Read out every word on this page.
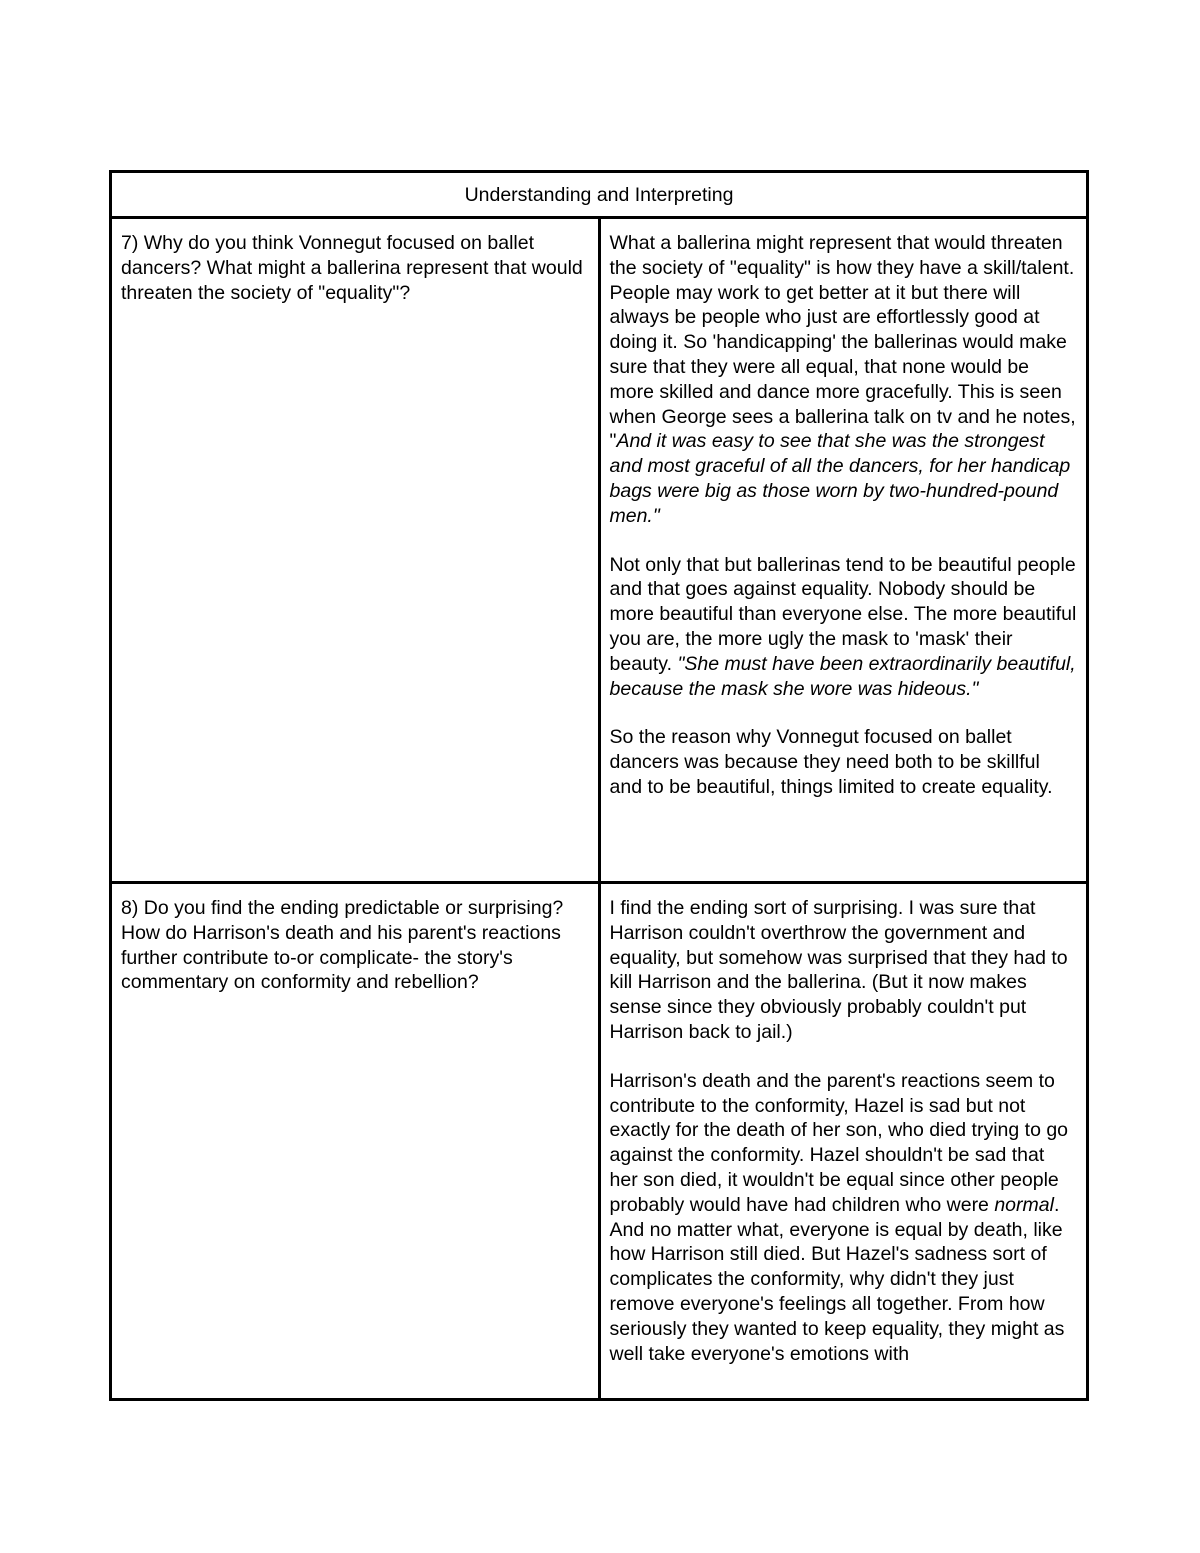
Understanding and Interpreting	

7) Why do you think Vonnegut focused on ballet dancers? What might a ballerina represent that would threaten the society of "equality"?	What a ballerina might represent that would threaten the society of "equality" is how they have a skill/talent. People may work to get better at it but there will always be people who just are effortlessly good at doing it. So 'handicapping' the ballerinas would make sure that they were all equal, that none would be more skilled and dance more gracefully. This is seen when George sees a ballerina talk on tv and he notes, "And it was easy to see that she was the strongest and most graceful of all the dancers, for her handicap bags were big as those worn by two-hundred-pound men."

Not only that but ballerinas tend to be beautiful people and that goes against equality. Nobody should be more beautiful than everyone else. The more beautiful you are, the more ugly the mask to 'mask' their beauty. "She must have been extraordinarily beautiful, because the mask she wore was hideous."

So the reason why Vonnegut focused on ballet dancers was because they need both to be skillful and to be beautiful, things limited to create equality.

8) Do you find the ending predictable or surprising? How do Harrison's death and his parent's reactions further contribute to-or complicate- the story's commentary on conformity and rebellion?	I find the ending sort of surprising. I was sure that Harrison couldn't overthrow the government and equality, but somehow was surprised that they had to kill Harrison and the ballerina. (But it now makes sense since they obviously probably couldn't put Harrison back to jail.)

Harrison's death and the parent's reactions seem to contribute to the conformity, Hazel is sad but not exactly for the death of her son, who died trying to go against the conformity. Hazel shouldn't be sad that her son died, it wouldn't be equal since other people probably would have had children who were normal. And no matter what, everyone is equal by death, like how Harrison still died. But Hazel's sadness sort of complicates the conformity, why didn't they just remove everyone's feelings all together. From how seriously they wanted to keep equality, they might as well take everyone's emotions with
